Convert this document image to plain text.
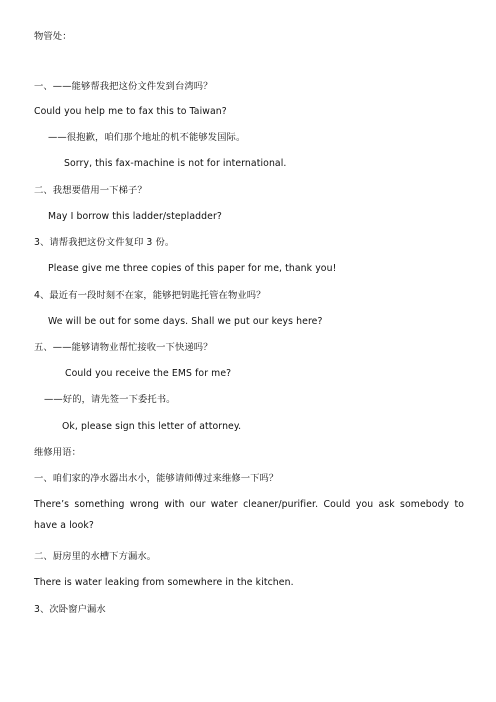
物管处：
一、——能够帮我把这份文件发到台湾吗？
Could you help me to fax this to Taiwan?
——很抱歉，咱们那个地址的机不能够发国际。
Sorry, this fax-machine is not for international.
二、我想要借用一下梯子？
May I borrow this ladder/stepladder?
3、请帮我把这份文件复印 3 份。
Please give me three copies of this paper for me, thank you!
4、最近有一段时刻不在家，能够把钥匙托管在物业吗？
We will be out for some days. Shall we put our keys here?
五、——能够请物业帮忙接收一下快递吗？
Could you receive the EMS for me?
——好的，请先签一下委托书。
Ok, please sign this letter of attorney.
维修用语：
一、咱们家的净水器出水小，能够请师傅过来维修一下吗？
There’s something wrong with our water cleaner/purifier. Could you ask somebody to have a look?
二、厨房里的水槽下方漏水。
There is water leaking from somewhere in the kitchen.
3、次卧窗户漏水
